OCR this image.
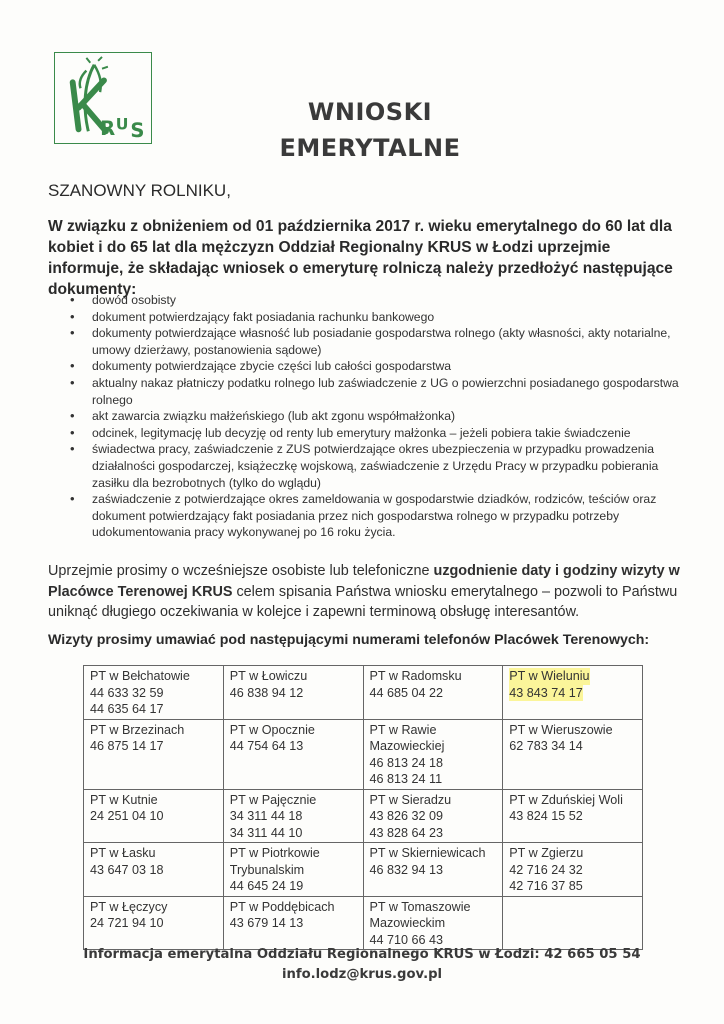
R U S
WNIOSKI
EMERYTALNE
SZANOWNY ROLNIKU,
W związku z obniżeniem od 01 października 2017 r. wieku emerytalnego do 60 lat dla kobiet i do 65 lat dla mężczyzn Oddział Regionalny KRUS w Łodzi uprzejmie informuje, że składając wniosek o emeryturę rolniczą należy przedłożyć następujące dokumenty:
• dowód osobisty
• dokument potwierdzający fakt posiadania rachunku bankowego
• dokumenty potwierdzające własność lub posiadanie gospodarstwa rolnego (akty własności, akty notarialne, umowy dzierżawy, postanowienia sądowe)
• dokumenty potwierdzające zbycie części lub całości gospodarstwa
• aktualny nakaz płatniczy podatku rolnego lub zaświadczenie z UG o powierzchni posiadanego gospodarstwa rolnego
• akt zawarcia związku małżeńskiego (lub akt zgonu współmałżonka)
• odcinek, legitymację lub decyzję od renty lub emerytury małżonka – jeżeli pobiera takie świadczenie
• świadectwa pracy, zaświadczenie z ZUS potwierdzające okres ubezpieczenia w przypadku prowadzenia działalności gospodarczej, książeczkę wojskową, zaświadczenie z Urzędu Pracy w przypadku pobierania zasiłku dla bezrobotnych (tylko do wglądu)
• zaświadczenie z potwierdzające okres zameldowania w gospodarstwie dziadków, rodziców, teściów oraz dokument potwierdzający fakt posiadania przez nich gospodarstwa rolnego w przypadku potrzeby udokumentowania pracy wykonywanej po 16 roku życia.
Uprzejmie prosimy o wcześniejsze osobiste lub telefoniczne uzgodnienie daty i godziny wizyty w Placówce Terenowej KRUS celem spisania Państwa wniosku emerytalnego – pozwoli to Państwu uniknąć długiego oczekiwania w kolejce i zapewni terminową obsługę interesantów.
Wizyty prosimy umawiać pod następującymi numerami telefonów Placówek Terenowych:
PT w Bełchatowie
44 633 32 59
44 635 64 17	PT w Łowiczu
46 838 94 12	PT w Radomsku
44 685 04 22	PT w Wieluniu
43 843 74 17

PT w Brzezinach
46 875 14 17	PT w Opocznie
44 754 64 13	PT w Rawie
Mazowieckiej
46 813 24 18
46 813 24 11	PT w Wieruszowie
62 783 34 14

PT w Kutnie
24 251 04 10	PT w Pajęcznie
34 311 44 18
34 311 44 10	PT w Sieradzu
43 826 32 09
43 828 64 23	PT w Zduńskiej Woli
43 824 15 52

PT w Łasku
43 647 03 18	PT w Piotrkowie
Trybunalskim
44 645 24 19	PT w Skierniewicach
46 832 94 13	PT w Zgierzu
42 716 24 32
42 716 37 85

PT w Łęczycy
24 721 94 10	PT w Poddębicach
43 679 14 13	PT w Tomaszowie
Mazowieckim
44 710 66 43	

Informacja emerytalna Oddziału Regionalnego KRUS w Łodzi: 42 665 05 54
info.lodz@krus.gov.pl
